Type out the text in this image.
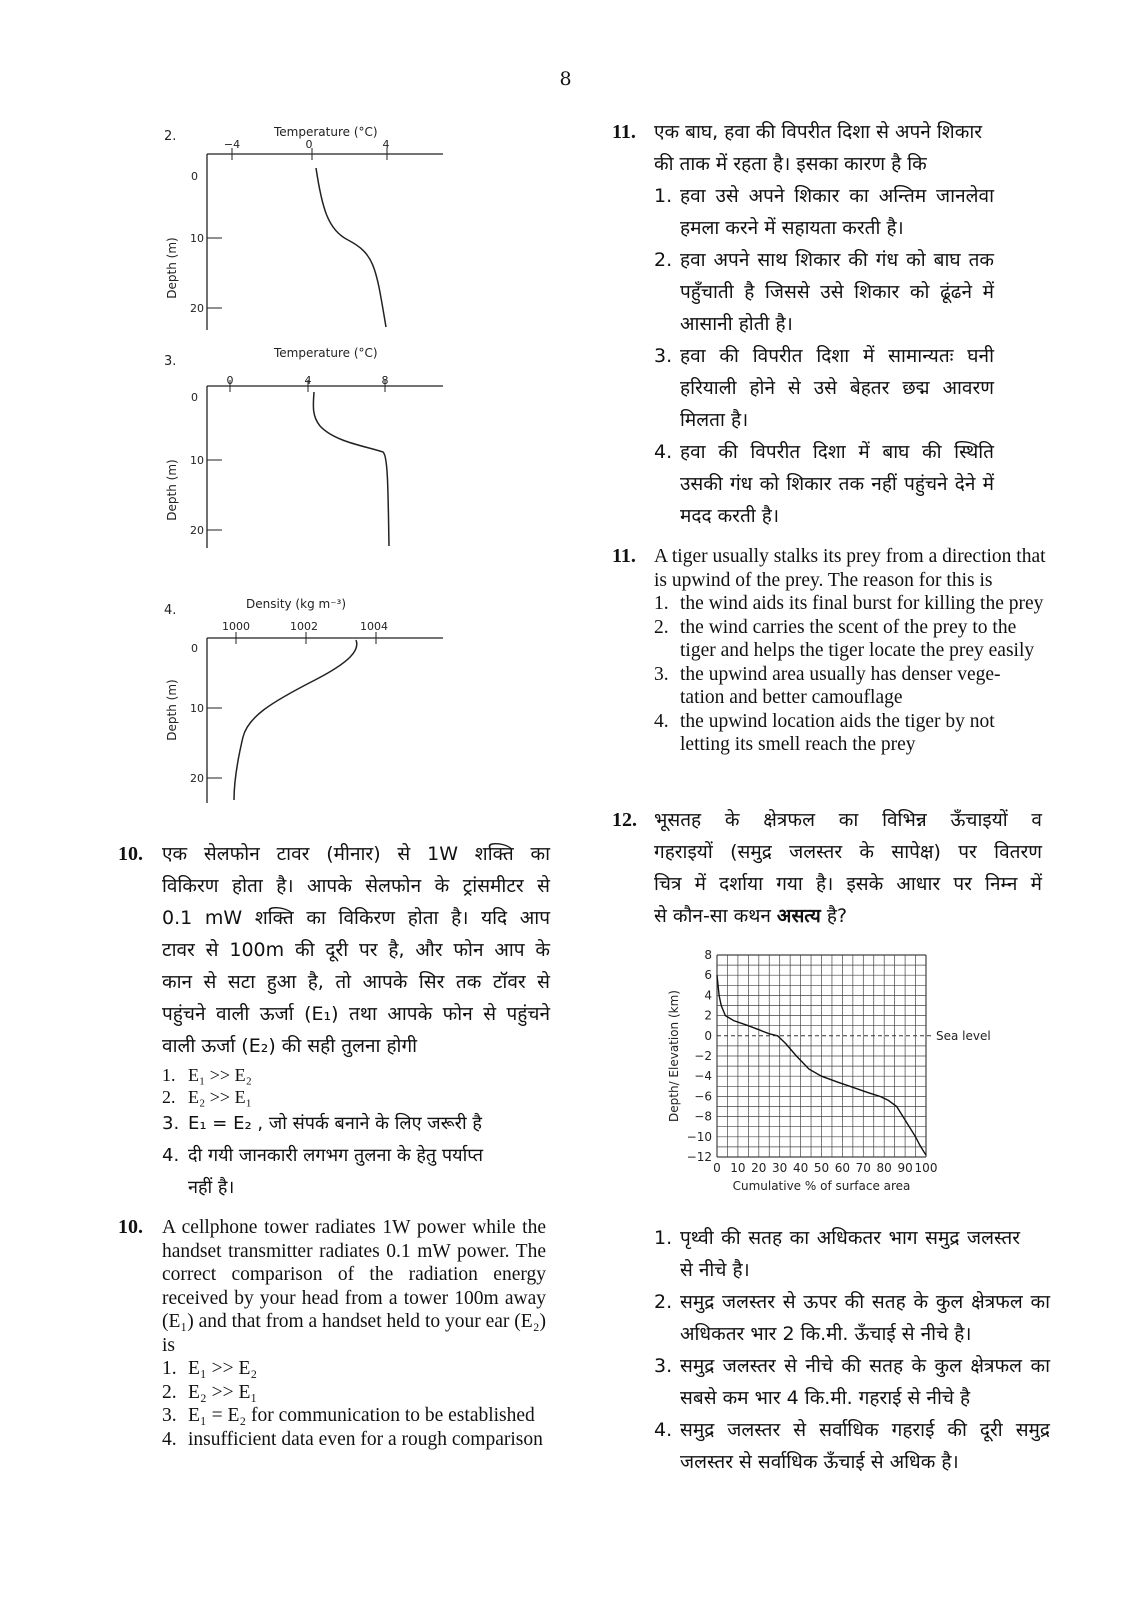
8
2.	Temperature (°C)
Depth (m)
−4	0	4
0
10
20
3.
Temperature (°C)
Depth (m)
0	4	8
0
10
20
4.	Density (kg m⁻³)
Depth (m)
1000	1002	1004
0
10
20
10.	एक सेलफोन टावर (मीनार) से 1W शक्ति का
विकिरण होता है। आपके सेलफोन के ट्रांसमीटर से
0.1 mW शक्ति का विकिरण होता है। यदि आप
टावर से 100m की दूरी पर है, और फोन आप के
कान से सटा हुआ है, तो आपके सिर तक टॉवर से
पहुंचने वाली ऊर्जा (E₁) तथा आपके फोन से पहुंचने
वाली ऊर्जा (E₂) की सही तुलना होगी
1. E₁ >> E₂
2. E₂ >> E₁
3. E₁ = E₂ , जो संपर्क बनाने के लिए जरूरी है
4. दी गयी जानकारी लगभग तुलना के हेतु पर्याप्त नहीं है।
10. A cellphone tower radiates 1W power while the handset transmitter radiates 0.1 mW power. The correct comparison of the radiation energy received by your head from a tower 100m away (E₁) and that from a handset held to your ear (E₂) is

1. E₁ >> E₂
2. E₂ >> E₁
3. E₁ = E₂ for communication to be established
4. insufficient data even for a rough comparison
11. एक बाघ, हवा की विपरीत दिशा से अपने शिकार
की ताक में रहता है। इसका कारण है कि
1. हवा उसे अपने शिकार का अन्तिम जानलेवा हमला करने में सहायता करती है।
2. हवा अपने साथ शिकार की गंध को बाघ तक पहुँचाती है जिससे उसे शिकार को ढूंढने में आसानी होती है।
3. हवा की विपरीत दिशा में सामान्यतः घनी हरियाली होने से उसे बेहतर छद्म आवरण मिलता है।
4. हवा की विपरीत दिशा में बाघ की स्थिति उसकी गंध को शिकार तक नहीं पहुंचने देने में मदद करती है।
11. A tiger usually stalks its prey from a direction that is upwind of the prey. The reason for this is

1. the wind aids its final burst for killing the prey
2. the wind carries the scent of the prey to the tiger and helps the tiger locate the prey easily
3. the upwind area usually has denser vege-tation and better camouflage
4. the upwind location aids the tiger by not letting its smell reach the prey
12. भूसतह के क्षेत्रफल का विभिन्न ऊँचाइयों व
गहराइयों (समुद्र जलस्तर के सापेक्ष) पर वितरण
चित्र में दर्शाया गया है। इसके आधार पर निम्न में
से कौन-सा कथन असत्य है?
Sea level
0 10 20 30 40 50 60 70 80 90 100
8
6
4
2
0
−2
−4
−6
−8
−10
−12
Cumulative % of surface area
Depth/ Elevation (km)
1. पृथ्वी की सतह का अधिकतर भाग समुद्र जलस्तर से नीचे है।
2. समुद्र जलस्तर से ऊपर की सतह के कुल क्षेत्रफल का अधिकतर भार 2 कि.मी. ऊँचाई से नीचे है।
3. समुद्र जलस्तर से नीचे की सतह के कुल क्षेत्रफल का सबसे कम भार 4 कि.मी. गहराई से नीचे है
4. समुद्र जलस्तर से सर्वाधिक गहराई की दूरी समुद्र जलस्तर से सर्वाधिक ऊँचाई से अधिक है।
